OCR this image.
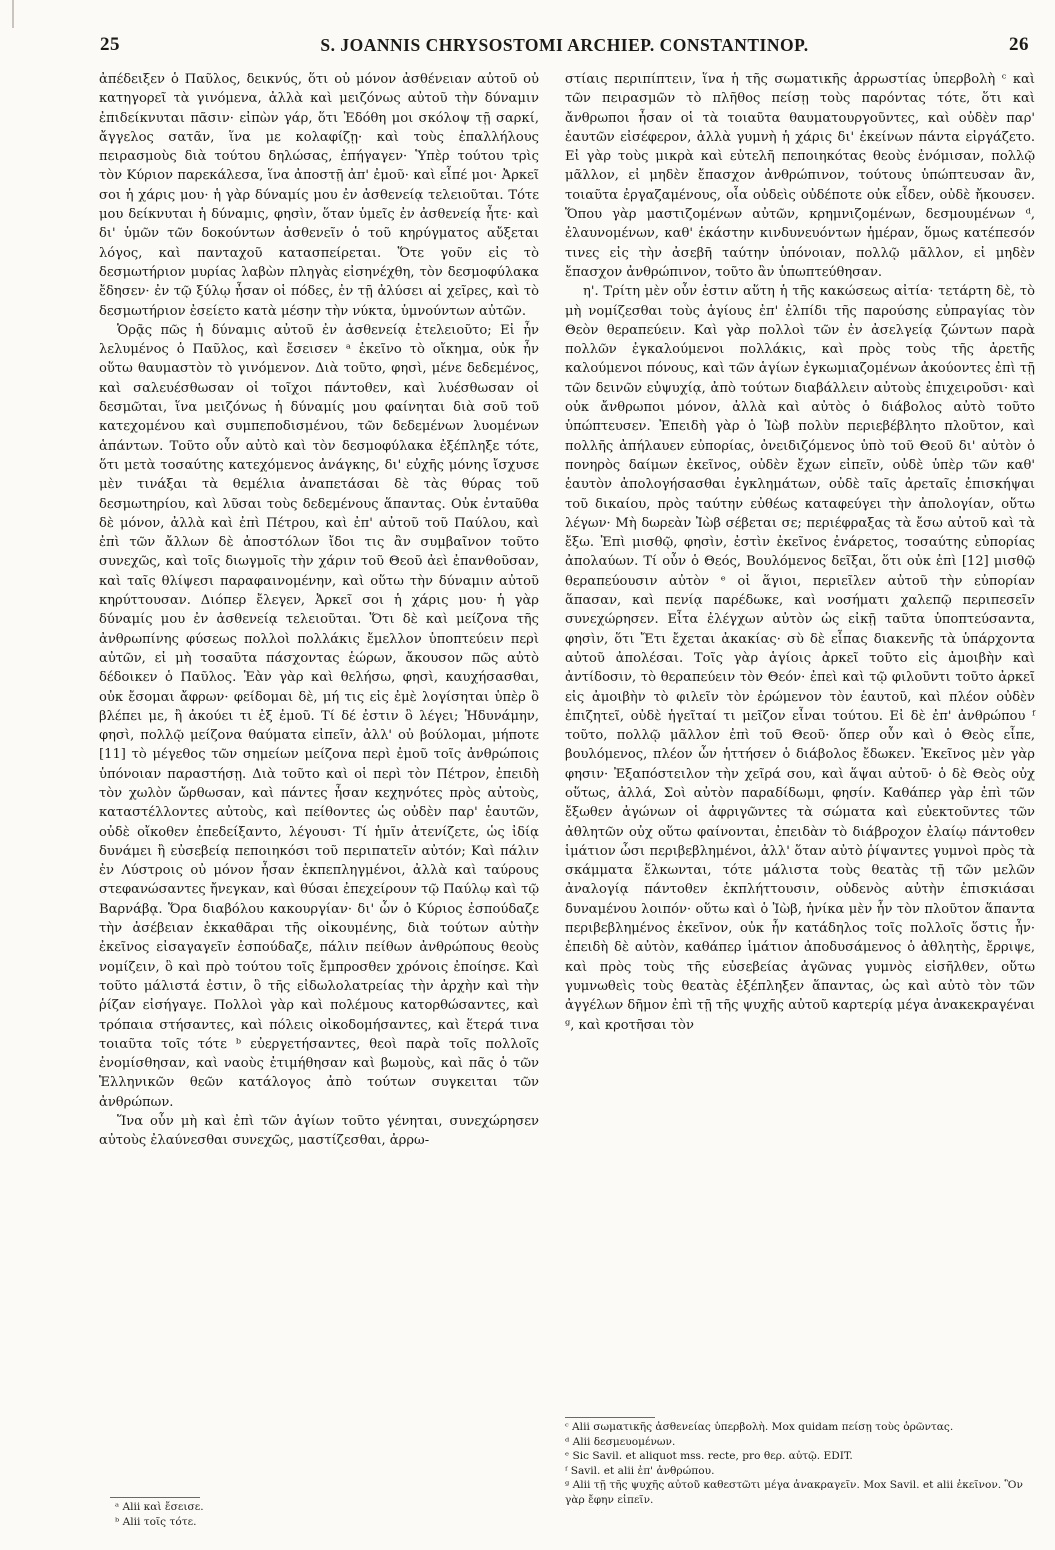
25	S. JOANNIS CHRYSOSTOMI ARCHIEP. CONSTANTINOP.	26

ἀπέδειξεν ὁ Παῦλος, δεικνύς, ὅτι οὐ μόνον ἀσθένειαν αὐτοῦ οὐ κατηγορεῖ τὰ γινόμενα, ἀλλὰ καὶ μειζόνως αὐτοῦ τὴν δύναμιν ἐπιδείκνυται πᾶσιν· εἰπὼν γάρ, ὅτι Ἐδόθη μοι σκόλοψ τῇ σαρκί, ἄγγελος σατᾶν, ἵνα με κολαφίζῃ· καὶ τοὺς ἐπαλλήλους πειρασμοὺς διὰ τούτου δηλώσας, ἐπήγαγεν· Ὑπὲρ τούτου τρὶς τὸν Κύριον παρεκάλεσα, ἵνα ἀποστῇ ἀπ' ἐμοῦ· καὶ εἶπέ μοι· Ἀρκεῖ σοι ἡ χάρις μου· ἡ γὰρ δύναμίς μου ἐν ἀσθενείᾳ τελειοῦται. Τότε μου δείκνυται ἡ δύναμις, φησὶν, ὅταν ὑμεῖς ἐν ἀσθενείᾳ ἦτε· καὶ δι' ὑμῶν τῶν δοκούντων ἀσθενεῖν ὁ τοῦ κηρύγματος αὔξεται λόγος, καὶ πανταχοῦ κατασπείρεται. Ὅτε γοῦν εἰς τὸ δεσμωτήριον μυρίας λαβὼν πληγὰς εἰσηνέχθη, τὸν δεσμοφύλακα ἔδησεν· ἐν τῷ ξύλῳ ἦσαν οἱ πόδες, ἐν τῇ ἀλύσει αἱ χεῖρες, καὶ τὸ δεσμωτήριον ἐσείετο κατὰ μέσην τὴν νύκτα, ὑμνούντων αὐτῶν.

Ὁρᾷς πῶς ἡ δύναμις αὐτοῦ ἐν ἀσθενείᾳ ἐτελειοῦτο; Εἰ ἦν λελυμένος ὁ Παῦλος, καὶ ἔσεισεν ᵃ ἐκεῖνο τὸ οἴκημα, οὐκ ἦν οὕτω θαυμαστὸν τὸ γινόμενον. Διὰ τοῦτο, φησὶ, μένε δεδεμένος, καὶ σαλευέσθωσαν οἱ τοῖχοι πάντοθεν, καὶ λυέσθωσαν οἱ δεσμῶται, ἵνα μειζόνως ἡ δύναμίς μου φαίνηται διὰ σοῦ τοῦ κατεχομένου καὶ συμπεποδισμένου, τῶν δεδεμένων λυομένων ἁπάντων. Τοῦτο οὖν αὐτὸ καὶ τὸν δεσμοφύλακα ἐξέπληξε τότε, ὅτι μετὰ τοσαύτης κατεχόμενος ἀνάγκης, δι' εὐχῆς μόνης ἴσχυσε μὲν τινάξαι τὰ θεμέλια ἀναπετάσαι δὲ τὰς θύρας τοῦ δεσμωτηρίου, καὶ λῦσαι τοὺς δεδεμένους ἅπαντας. Οὐκ ἐνταῦθα δὲ μόνον, ἀλλὰ καὶ ἐπὶ Πέτρου, καὶ ἐπ' αὐτοῦ τοῦ Παύλου, καὶ ἐπὶ τῶν ἄλλων δὲ ἀποστόλων ἴδοι τις ἂν συμβαῖνον τοῦτο συνεχῶς, καὶ τοῖς διωγμοῖς τὴν χάριν τοῦ Θεοῦ ἀεὶ ἐπανθοῦσαν, καὶ ταῖς θλίψεσι παραφαινομένην, καὶ οὕτω τὴν δύναμιν αὐτοῦ κηρύττουσαν. Διόπερ ἔλεγεν, Ἀρκεῖ σοι ἡ χάρις μου· ἡ γὰρ δύναμίς μου ἐν ἀσθενείᾳ τελειοῦται. Ὅτι δὲ καὶ μείζονα τῆς ἀνθρωπίνης φύσεως πολλοὶ πολλάκις ἔμελλον ὑποπτεύειν περὶ αὐτῶν, εἰ μὴ τοσαῦτα πάσχοντας ἑώρων, ἄκουσον πῶς αὐτὸ δέδοικεν ὁ Παῦλος. Ἐὰν γὰρ καὶ θελήσω, φησὶ, καυχήσασθαι, οὐκ ἔσομαι ἄφρων· φείδομαι δὲ, μή τις εἰς ἐμὲ λογίσηται ὑπὲρ ὃ βλέπει με, ἢ ἀκούει τι ἐξ ἐμοῦ. Τί δέ ἐστιν ὃ λέγει; Ἠδυνάμην, φησὶ, πολλῷ μείζονα θαύματα εἰπεῖν, ἀλλ' οὐ βούλομαι, μήποτε [11] τὸ μέγεθος τῶν σημείων μείζονα περὶ ἐμοῦ τοῖς ἀνθρώποις ὑπόνοιαν παραστήσῃ. Διὰ τοῦτο καὶ οἱ περὶ τὸν Πέτρον, ἐπειδὴ τὸν χωλὸν ὤρθωσαν, καὶ πάντες ἦσαν κεχηνότες πρὸς αὐτοὺς, καταστέλλοντες αὐτοὺς, καὶ πείθοντες ὡς οὐδὲν παρ' ἑαυτῶν, οὐδὲ οἴκοθεν ἐπεδείξαντο, λέγουσι· Τί ἡμῖν ἀτενίζετε, ὡς ἰδίᾳ δυνάμει ἢ εὐσεβείᾳ πεποιηκόσι τοῦ περιπατεῖν αὐτόν; Καὶ πάλιν ἐν Λύστροις οὐ μόνον ἦσαν ἐκπεπληγμένοι, ἀλλὰ καὶ ταύρους στεφανώσαντες ἤνεγκαν, καὶ θύσαι ἐπεχείρουν τῷ Παύλῳ καὶ τῷ Βαρνάβᾳ. Ὅρα διαβόλου κακουργίαν· δι' ὧν ὁ Κύριος ἐσπούδαζε τὴν ἀσέβειαν ἐκκαθᾶραι τῆς οἰκουμένης, διὰ τούτων αὐτὴν ἐκεῖνος εἰσαγαγεῖν ἐσπούδαζε, πάλιν πείθων ἀνθρώπους θεοὺς νομίζειν, ὃ καὶ πρὸ τούτου τοῖς ἔμπροσθεν χρόνοις ἐποίησε. Καὶ τοῦτο μάλιστά ἐστιν, ὃ τῆς εἰδωλολατρείας τὴν ἀρχὴν καὶ τὴν ῥίζαν εἰσήγαγε. Πολλοὶ γὰρ καὶ πολέμους κατορθώσαντες, καὶ τρόπαια στήσαντες, καὶ πόλεις οἰκοδομήσαντες, καὶ ἕτερά τινα τοιαῦτα τοῖς τότε ᵇ εὐεργετήσαντες, θεοὶ παρὰ τοῖς πολλοῖς ἐνομίσθησαν, καὶ ναοὺς ἐτιμήθησαν καὶ βωμοὺς, καὶ πᾶς ὁ τῶν Ἑλληνικῶν θεῶν κατάλογος ἀπὸ τούτων συγκειται τῶν ἀνθρώπων.

Ἵνα οὖν μὴ καὶ ἐπὶ τῶν ἁγίων τοῦτο γένηται, συνεχώρησεν αὐτοὺς ἐλαύνεσθαι συνεχῶς, μαστίζεσθαι, ἀρρω-

στίαις περιπίπτειν, ἵνα ἡ τῆς σωματικῆς ἀρρωστίας ὑπερβολὴ ᶜ καὶ τῶν πειρασμῶν τὸ πλῆθος πείσῃ τοὺς παρόντας τότε, ὅτι καὶ ἄνθρωποι ἦσαν οἱ τὰ τοιαῦτα θαυματουργοῦντες, καὶ οὐδὲν παρ' ἑαυτῶν εἰσέφερον, ἀλλὰ γυμνὴ ἡ χάρις δι' ἐκείνων πάντα εἰργάζετο. Εἰ γὰρ τοὺς μικρὰ καὶ εὐτελῆ πεποιηκότας θεοὺς ἐνόμισαν, πολλῷ μᾶλλον, εἰ μηδὲν ἔπασχον ἀνθρώπινον, τούτους ὑπώπτευσαν ἂν, τοιαῦτα ἐργαζαμένους, οἷα οὐδεὶς οὐδέποτε οὐκ εἶδεν, οὐδὲ ἤκουσεν. Ὅπου γὰρ μαστιζομένων αὐτῶν, κρημνιζομένων, δεσμουμένων ᵈ, ἐλαυνομένων, καθ' ἑκάστην κινδυνευόντων ἡμέραν, ὅμως κατέπεσόν τινες εἰς τὴν ἀσεβῆ ταύτην ὑπόνοιαν, πολλῷ μᾶλλον, εἰ μηδὲν ἔπασχον ἀνθρώπινον, τοῦτο ἂν ὑπωπτεύθησαν.

η'. Τρίτη μὲν οὖν ἐστιν αὕτη ἡ τῆς κακώσεως αἰτία· τετάρτη δὲ, τὸ μὴ νομίζεσθαι τοὺς ἁγίους ἐπ' ἐλπίδι τῆς παρούσης εὐπραγίας τὸν Θεὸν θεραπεύειν. Καὶ γὰρ πολλοὶ τῶν ἐν ἀσελγείᾳ ζώντων παρὰ πολλῶν ἐγκαλούμενοι πολλάκις, καὶ πρὸς τοὺς τῆς ἀρετῆς καλούμενοι πόνους, καὶ τῶν ἁγίων ἐγκωμιαζομένων ἀκούοντες ἐπὶ τῇ τῶν δεινῶν εὐψυχίᾳ, ἀπὸ τούτων διαβάλλειν αὐτοὺς ἐπιχειροῦσι· καὶ οὐκ ἄνθρωποι μόνον, ἀλλὰ καὶ αὐτὸς ὁ διάβολος αὐτὸ τοῦτο ὑπώπτευσεν. Ἐπειδὴ γὰρ ὁ Ἰὼβ πολὺν περιεβέβλητο πλοῦτον, καὶ πολλῆς ἀπήλαυεν εὐπορίας, ὀνειδιζόμενος ὑπὸ τοῦ Θεοῦ δι' αὐτὸν ὁ πονηρὸς δαίμων ἐκεῖνος, οὐδὲν ἔχων εἰπεῖν, οὐδὲ ὑπὲρ τῶν καθ' ἑαυτὸν ἀπολογήσασθαι ἐγκλημάτων, οὐδὲ ταῖς ἀρεταῖς ἐπισκήψαι τοῦ δικαίου, πρὸς ταύτην εὐθέως καταφεύγει τὴν ἀπολογίαν, οὕτω λέγων· Μὴ δωρεὰν Ἰὼβ σέβεται σε; περιέφραξας τὰ ἔσω αὐτοῦ καὶ τὰ ἔξω. Ἐπὶ μισθῷ, φησὶν, ἐστὶν ἐκεῖνος ἐνάρετος, τοσαύτης εὐπορίας ἀπολαύων. Τί οὖν ὁ Θεός, Βουλόμενος δεῖξαι, ὅτι οὐκ ἐπὶ [12] μισθῷ θεραπεύουσιν αὐτὸν ᵉ οἱ ἅγιοι, περιεῖλεν αὐτοῦ τὴν εὐπορίαν ἅπασαν, καὶ πενίᾳ παρέδωκε, καὶ νοσήματι χαλεπῷ περιπεσεῖν συνεχώρησεν. Εἶτα ἐλέγχων αὐτὸν ὡς εἰκῇ ταῦτα ὑποπτεύσαντα, φησὶν, ὅτι Ἔτι ἔχεται ἀκακίας· σὺ δὲ εἶπας διακενῆς τὰ ὑπάρχοντα αὐτοῦ ἀπολέσαι. Τοῖς γὰρ ἁγίοις ἀρκεῖ τοῦτο εἰς ἀμοιβὴν καὶ ἀντίδοσιν, τὸ θεραπεύειν τὸν Θεόν· ἐπεὶ καὶ τῷ φιλοῦντι τοῦτο ἀρκεῖ εἰς ἀμοιβὴν τὸ φιλεῖν τὸν ἐρώμενον τὸν ἑαυτοῦ, καὶ πλέον οὐδὲν ἐπιζητεῖ, οὐδὲ ἡγεῖταί τι μεῖζον εἶναι τούτου. Εἰ δὲ ἐπ' ἀνθρώπου ᶠ τοῦτο, πολλῷ μᾶλλον ἐπὶ τοῦ Θεοῦ· ὅπερ οὖν καὶ ὁ Θεὸς εἶπε, βουλόμενος, πλέον ὧν ἡττήσεν ὁ διάβολος ἔδωκεν. Ἐκεῖνος μὲν γὰρ φησιν· Ἐξαπόστειλον τὴν χεῖρά σου, καὶ ἅψαι αὐτοῦ· ὁ δὲ Θεὸς οὐχ οὕτως, ἀλλά, Σοὶ αὐτὸν παραδίδωμι, φησίν. Καθάπερ γὰρ ἐπὶ τῶν ἔξωθεν ἀγώνων οἱ ἀφριγῶντες τὰ σώματα καὶ εὐεκτοῦντες τῶν ἀθλητῶν οὐχ οὕτω φαίνονται, ἐπειδὰν τὸ διάβροχον ἐλαίῳ πάντοθεν ἱμάτιον ὦσι περιβεβλημένοι, ἀλλ' ὅταν αὐτὸ ῥίψαντες γυμνοὶ πρὸς τὰ σκάμματα ἕλκωνται, τότε μάλιστα τοὺς θεατὰς τῇ τῶν μελῶν ἀναλογίᾳ πάντοθεν ἐκπλήττουσιν, οὐδενὸς αὐτὴν ἐπισκιάσαι δυναμένου λοιπόν· οὕτω καὶ ὁ Ἰὼβ, ἡνίκα μὲν ἦν τὸν πλοῦτον ἅπαντα περιβεβλημένος ἐκεῖνον, οὐκ ἦν κατάδηλος τοῖς πολλοῖς ὅστις ἦν· ἐπειδὴ δὲ αὐτὸν, καθάπερ ἱμάτιον ἀποδυσάμενος ὁ ἀθλητὴς, ἔρριψε, καὶ πρὸς τοὺς τῆς εὐσεβείας ἀγῶνας γυμνὸς εἰσῆλθεν, οὕτω γυμνωθεὶς τοὺς θεατὰς ἐξέπληξεν ἅπαντας, ὡς καὶ αὐτὸ τὸν τῶν ἀγγέλων δῆμον ἐπὶ τῇ τῆς ψυχῆς αὐτοῦ καρτερίᾳ μέγα ἀνακεκραγέναι ᵍ, καὶ κροτῆσαι τὸν

ᵃ Alii καὶ ἔσεισε.
ᵇ Alii τοῖς τότε.
ᶜ Alii σωματικῆς ἀσθενείας ὑπερβολὴ. Mox quidam πείσῃ τοὺς ὁρῶντας.
ᵈ Alii δεσμευομένων.
ᵉ Sic Savil. et aliquot mss. recte, pro θερ. αὐτῷ. EDIT.
ᶠ Savil. et alii ἐπ' ἀνθρώπου.
ᵍ Alii τῇ τῆς ψυχῆς αὐτοῦ καθεστῶτι μέγα ἀνακραγεῖν. Mox Savil. et alii ἐκεῖνον. Ὃν γὰρ ἔφην εἰπεῖν.
